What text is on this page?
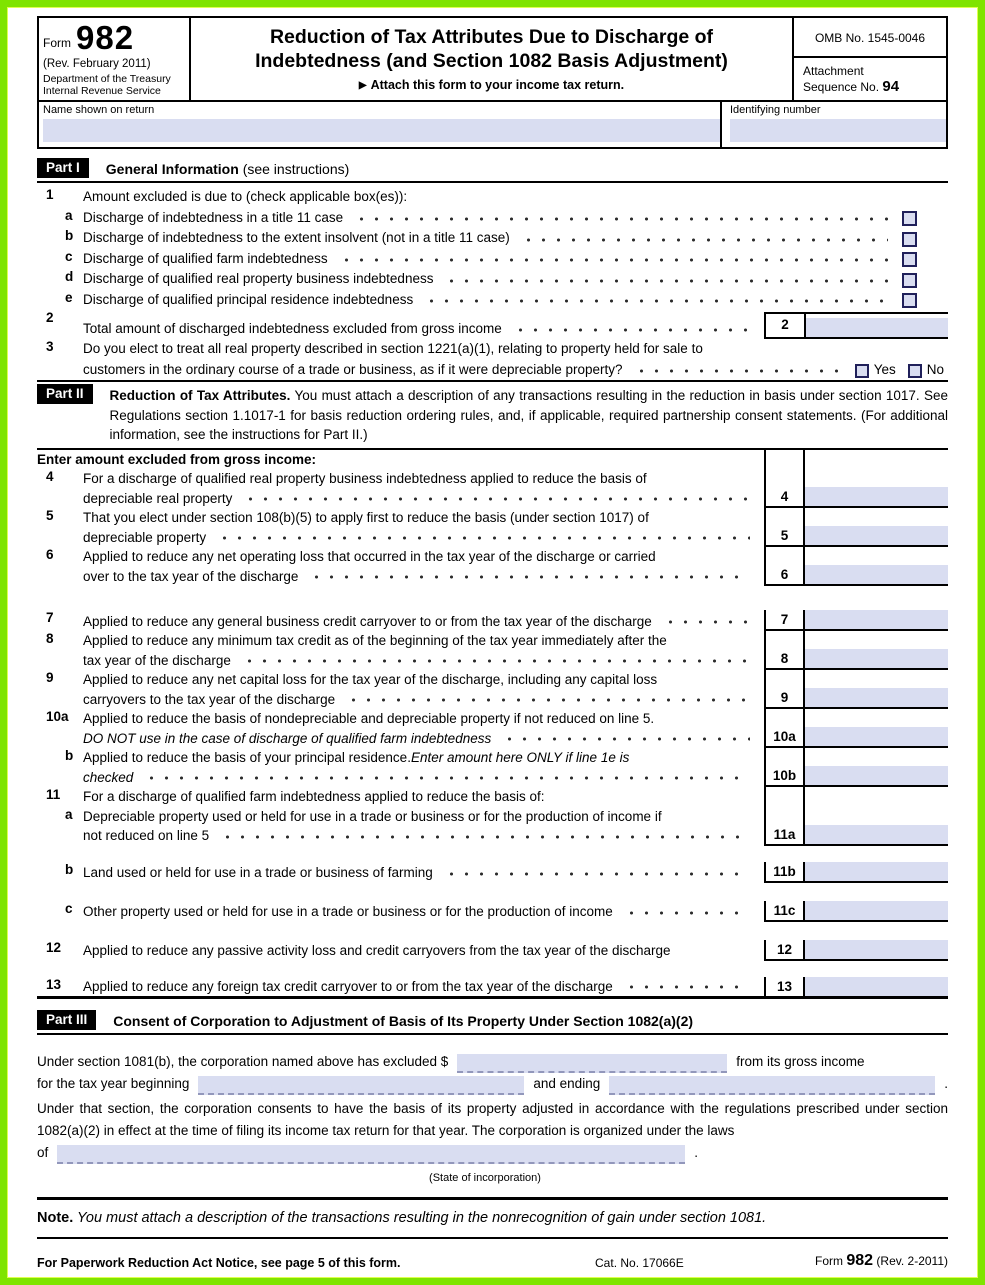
Form 982
(Rev. February 2011)
Department of the Treasury
Internal Revenue Service
Reduction of Tax Attributes Due to Discharge of
Indebtedness (and Section 1082 Basis Adjustment)
▶ Attach this form to your income tax return.
OMB No. 1545-0046
Attachment
Sequence No. 94
Name shown on return	Identifying number
Part I	General Information (see instructions)
1	Amount excluded is due to (check applicable box(es)):
a Discharge of indebtedness in a title 11 case
b Discharge of indebtedness to the extent insolvent (not in a title 11 case)
c Discharge of qualified farm indebtedness
d Discharge of qualified real property business indebtedness
e Discharge of qualified principal residence indebtedness
2
Total amount of discharged indebtedness excluded from gross income	2
3	Do you elect to treat all real property described in section 1221(a)(1), relating to property held for sale to
customers in the ordinary course of a trade or business, as if it were depreciable property?	Yes No
Part II	Reduction of Tax Attributes. You must attach a description of any transactions resulting in the reduction in basis under section 1017. See Regulations section 1.1017-1 for basis reduction ordering rules, and, if applicable, required partnership consent statements. (For additional information, see the instructions for Part II.)
Enter amount excluded from gross income:
4	For a discharge of qualified real property business indebtedness applied to reduce the basis of
depreciable real property	4
5	That you elect under section 108(b)(5) to apply first to reduce the basis (under section 1017) of
depreciable property	5
6	Applied to reduce any net operating loss that occurred in the tax year of the discharge or carried
over to the tax year of the discharge	6
7	Applied to reduce any general business credit carryover to or from the tax year of the discharge	7
8	Applied to reduce any minimum tax credit as of the beginning of the tax year immediately after the
tax year of the discharge	8
9	Applied to reduce any net capital loss for the tax year of the discharge, including any capital loss
carryovers to the tax year of the discharge	9
10a	Applied to reduce the basis of nondepreciable and depreciable property if not reduced on line 5.
DO NOT use in the case of discharge of qualified farm indebtedness	10a
b Applied to reduce the basis of your principal residence. Enter amount here ONLY if line 1e is
checked	10b
11	For a discharge of qualified farm indebtedness applied to reduce the basis of:
a Depreciable property used or held for use in a trade or business or for the production of income if
not reduced on line 5	11a
b Land used or held for use in a trade or business of farming	11b
c Other property used or held for use in a trade or business or for the production of income	11c
12	Applied to reduce any passive activity loss and credit carryovers from the tax year of the discharge	12
13	Applied to reduce any foreign tax credit carryover to or from the tax year of the discharge	13
Part III	Consent of Corporation to Adjustment of Basis of Its Property Under Section 1082(a)(2)
Under section 1081(b), the corporation named above has excluded $	from its gross income
for the tax year beginning	and ending	.
Under that section, the corporation consents to have the basis of its property adjusted in accordance with the regulations prescribed under section 1082(a)(2) in effect at the time of filing its income tax return for that year. The corporation is organized under the laws
of	.
(State of incorporation)
Note. You must attach a description of the transactions resulting in the nonrecognition of gain under section 1081.
For Paperwork Reduction Act Notice, see page 5 of this form.	Cat. No. 17066E	Form 982 (Rev. 2-2011)
